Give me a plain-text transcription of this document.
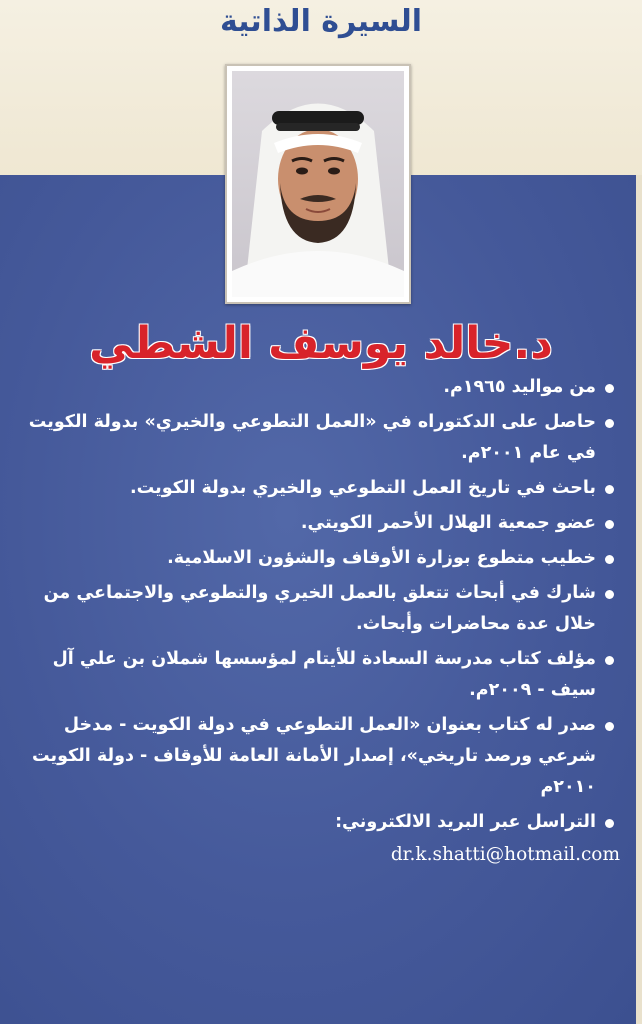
السيرة الذاتية
د.خالد يوسف الشطي
من مواليد ١٩٦٥م.
حاصل على الدكتوراه في «العمل التطوعي والخيري» بدولة الكويت في عام ٢٠٠١م.
باحث في تاريخ العمل التطوعي والخيري بدولة الكويت.
عضو جمعية الهلال الأحمر الكويتي.
خطيب متطوع بوزارة الأوقاف والشؤون الاسلامية.
شارك في أبحاث تتعلق بالعمل الخيري والتطوعي والاجتماعي من خلال عدة محاضرات وأبحاث.
مؤلف كتاب مدرسة السعادة للأيتام لمؤسسها شملان بن علي آل سيف - ٢٠٠٩م.
صدر له كتاب بعنوان «العمل التطوعي في دولة الكويت - مدخل شرعي ورصد تاريخي»، إصدار الأمانة العامة للأوقاف - دولة الكويت ٢٠١٠م
التراسل عبر البريد الالكتروني:
dr.k.shatti@hotmail.com
